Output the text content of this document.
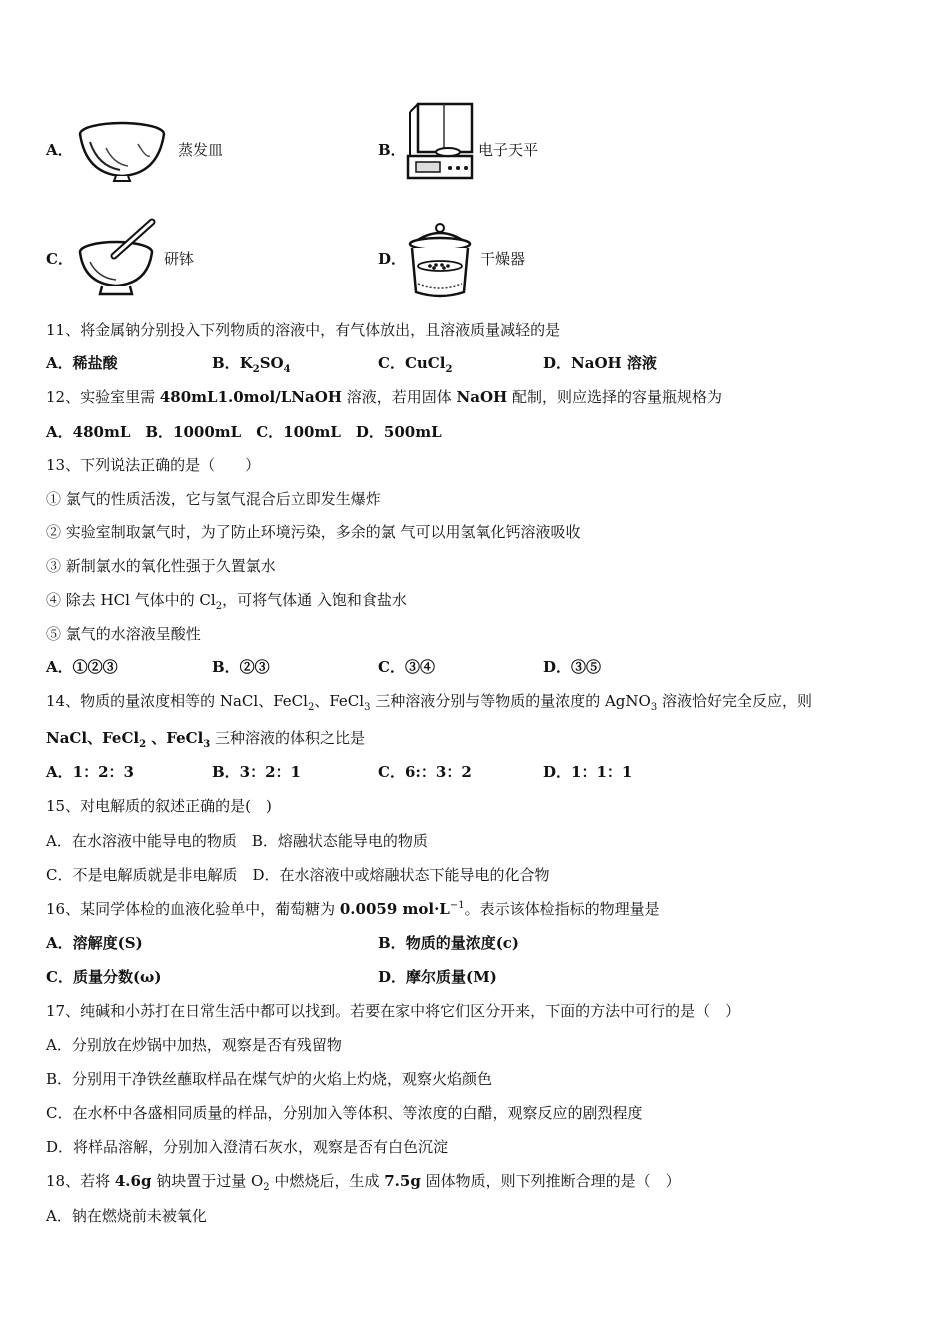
A．	蒸发皿	B．	电子天平
C．	研钵	D．	干燥器
11、将金属钠分别投入下列物质的溶液中，有气体放出，且溶液质量减轻的是
A．稀盐酸	B．$K_2SO_4$	C．CuCl$_2$	D．NaOH 溶液
12、实验室里需 480mL1.0mol/LNaOH 溶液，若用固体 NaOH 配制，则应选择的容量瓶规格为
A．480mL　B．1000mL　C．100mL　D．500mL
13、下列说法正确的是（　　）
① 氯气的性质活泼，它与氢气混合后立即发生爆炸
② 实验室制取氯气时，为了防止环境污染，多余的氯 气可以用氢氧化钙溶液吸收
③ 新制氯水的氧化性强于久置氯水
④ 除去 HCl 气体中的 $Cl_2$，可将气体通 入饱和食盐水
⑤ 氯气的水溶液呈酸性
A．①②③	B．②③	C．③④	D．③⑤
14、物质的量浓度相等的 NaCl、FeCl$_2$、FeCl$_3$ 三种溶液分别与等物质的量浓度的 AgNO$_3$ 溶液恰好完全反应，则
NaCl、FeCl$_2$ 、FeCl$_3$ 三种溶液的体积之比是
A．1：2：3	B．3：2：1	C．6:：3：2	D．1：1：1
15、对电解质的叙述正确的是(　)
A．在水溶液中能导电的物质　B．熔融状态能导电的物质
C．不是电解质就是非电解质　D．在水溶液中或熔融状态下能导电的化合物
16、某同学体检的血液化验单中，葡萄糖为 0.0059 $mol\cdot L^{-1}$。表示该体检指标的物理量是
A．溶解度(S)	B．物质的量浓度(c)
C．质量分数(ω)	D．摩尔质量(M)
17、纯碱和小苏打在日常生活中都可以找到。若要在家中将它们区分开来，下面的方法中可行的是（　）
A．分别放在炒锅中加热，观察是否有残留物
B．分别用干净铁丝蘸取样品在煤气炉的火焰上灼烧，观察火焰颜色
C．在水杯中各盛相同质量的样品，分别加入等体积、等浓度的白醋，观察反应的剧烈程度
D．将样品溶解，分别加入澄清石灰水，观察是否有白色沉淀
18、若将 4.6g 钠块置于过量 $O_2$ 中燃烧后，生成 7.5g 固体物质，则下列推断合理的是（　）
A．钠在燃烧前未被氧化
